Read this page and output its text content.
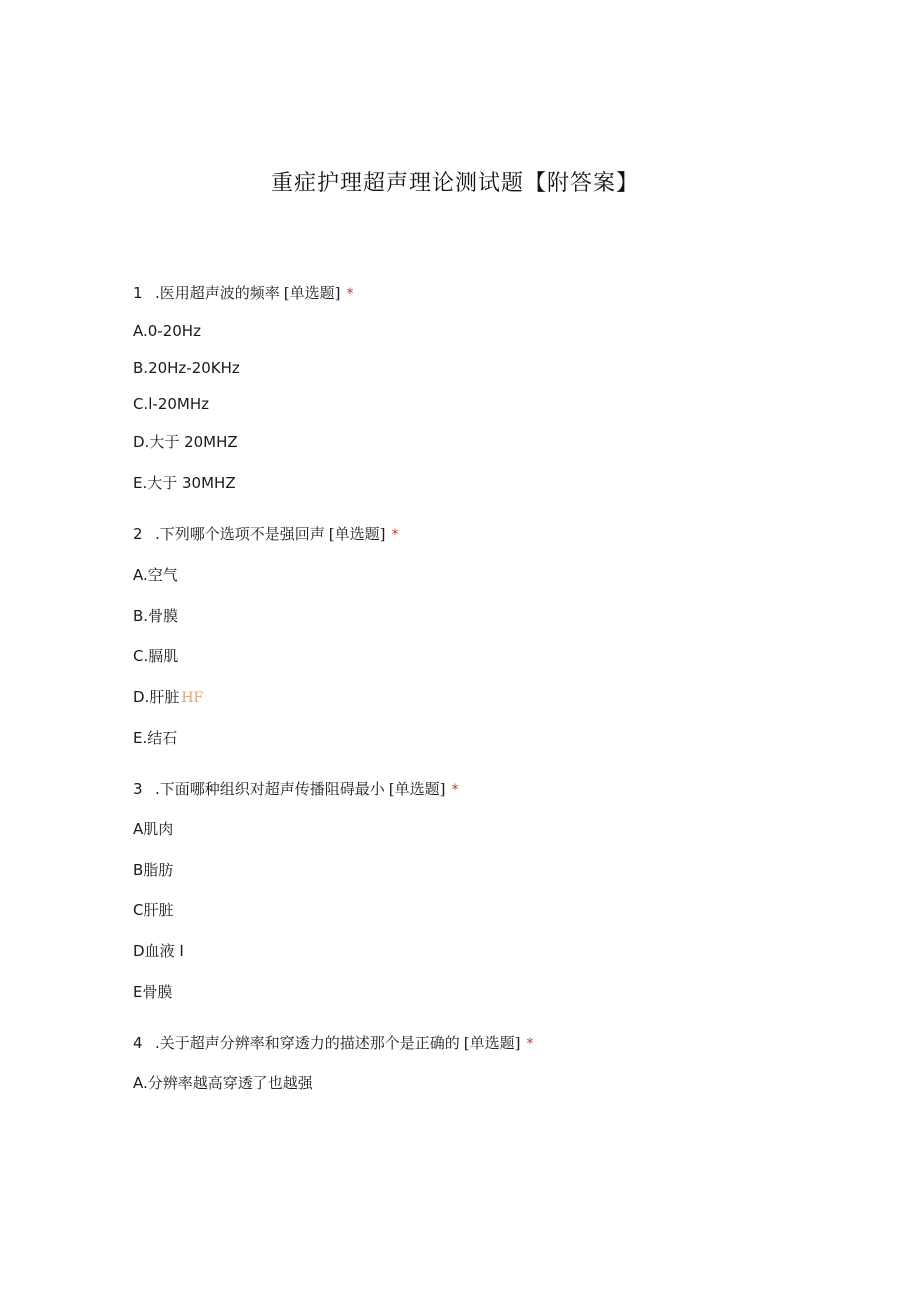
重症护理超声理论测试题【附答案】
1 .医用超声波的频率 [单选题] *
A.0-20Hz
B.20Hz-20KHz
C.l-20MHz
D.大于 20MHZ
E.大于 30MHZ
2 .下列哪个选项不是强回声 [单选题] *
A.空气
B.骨膜
C.膈肌
D.肝脏 HF
E.结石
3 .下面哪种组织对超声传播阻碍最小 [单选题] *
A肌肉
B脂肪
C肝脏
D血液 I
E骨膜
4 .关于超声分辨率和穿透力的描述那个是正确的 [单选题] *
A.分辨率越高穿透了也越强
